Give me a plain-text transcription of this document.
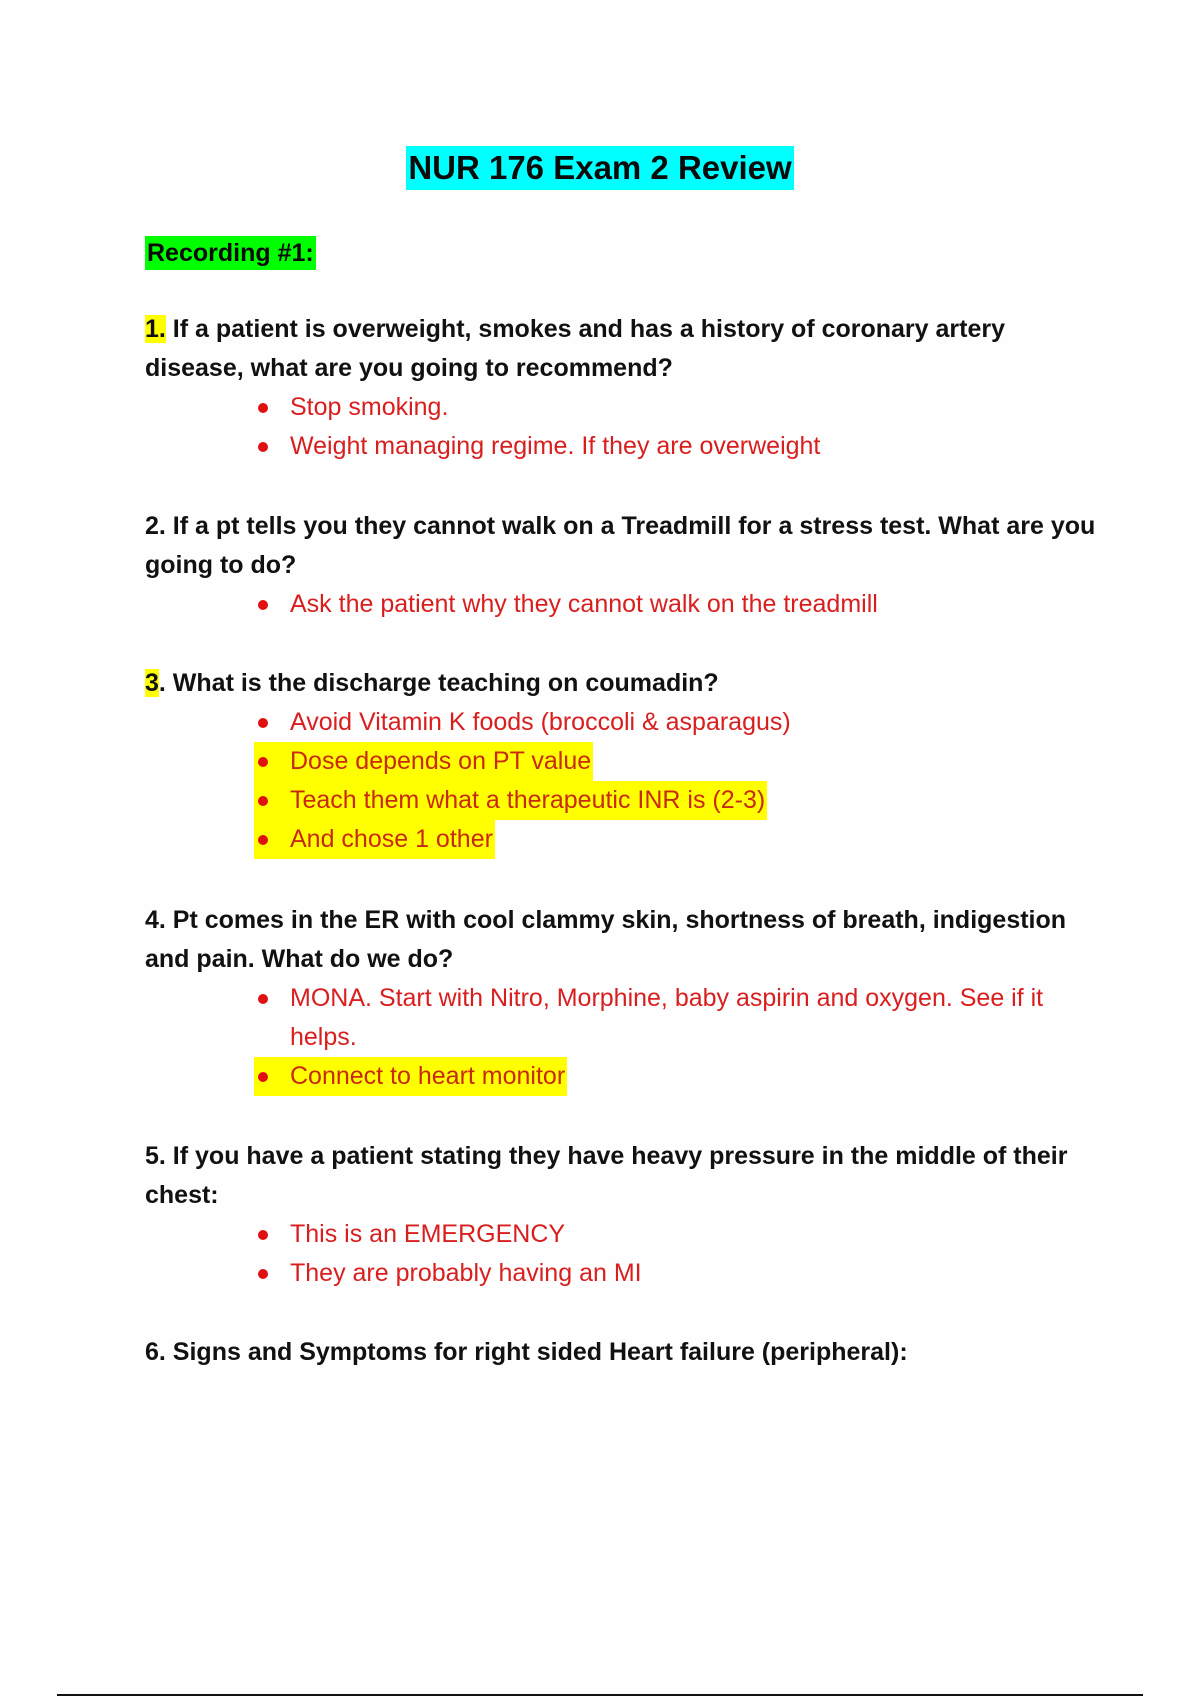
NUR 176 Exam 2 Review
Recording #1:
1. If a patient is overweight, smokes and has a history of coronary artery disease, what are you going to recommend?
Stop smoking.
Weight managing regime. If they are overweight
2. If a pt tells you they cannot walk on a Treadmill for a stress test. What are you going to do?
Ask the patient why they cannot walk on the treadmill
3. What is the discharge teaching on coumadin?
Avoid Vitamin K foods (broccoli & asparagus)
Dose depends on PT value
Teach them what a therapeutic INR is (2-3)
And chose 1 other
4. Pt comes in the ER with cool clammy skin, shortness of breath, indigestion and pain. What do we do?
MONA. Start with Nitro, Morphine, baby aspirin and oxygen. See if it helps.
Connect to heart monitor
5. If you have a patient stating they have heavy pressure in the middle of their chest:
This is an EMERGENCY
They are probably having an MI
6. Signs and Symptoms for right sided Heart failure (peripheral):
